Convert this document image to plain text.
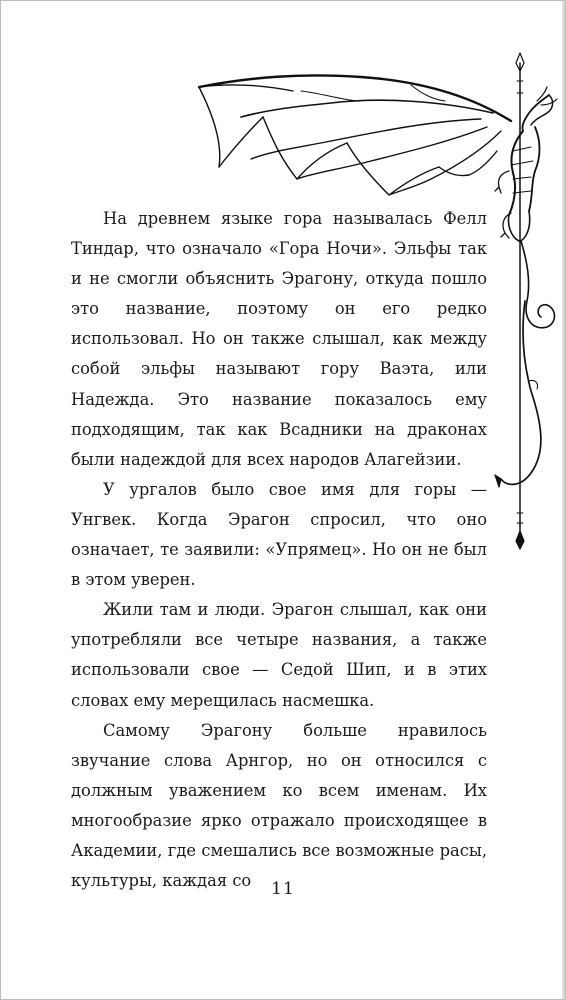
На древнем языке гора называлась Фелл Тиндар, что означало «Гора Ночи». Эльфы так и не смогли объяснить Эрагону, откуда пошло это название, поэтому он его редко использовал. Но он также слышал, как между собой эльфы называют гору Ваэта, или Надежда. Это название показалось ему подходящим, так как Всадники на драконах были надеждой для всех народов Алагейзии.

У ургалов было свое имя для горы — Унгвек. Когда Эрагон спросил, что оно означает, те заявили: «Упрямец». Но он не был в этом уверен.

Жили там и люди. Эрагон слышал, как они употребляли все четыре названия, а также использовали свое — Седой Шип, и в этих словах ему мерещилась насмешка.

Самому Эрагону больше нравилось звучание слова Арнгор, но он относился с должным уважением ко всем именам. Их многообразие ярко отражало происходящее в Академии, где смешались все возможные расы, культуры, каждая со	11
